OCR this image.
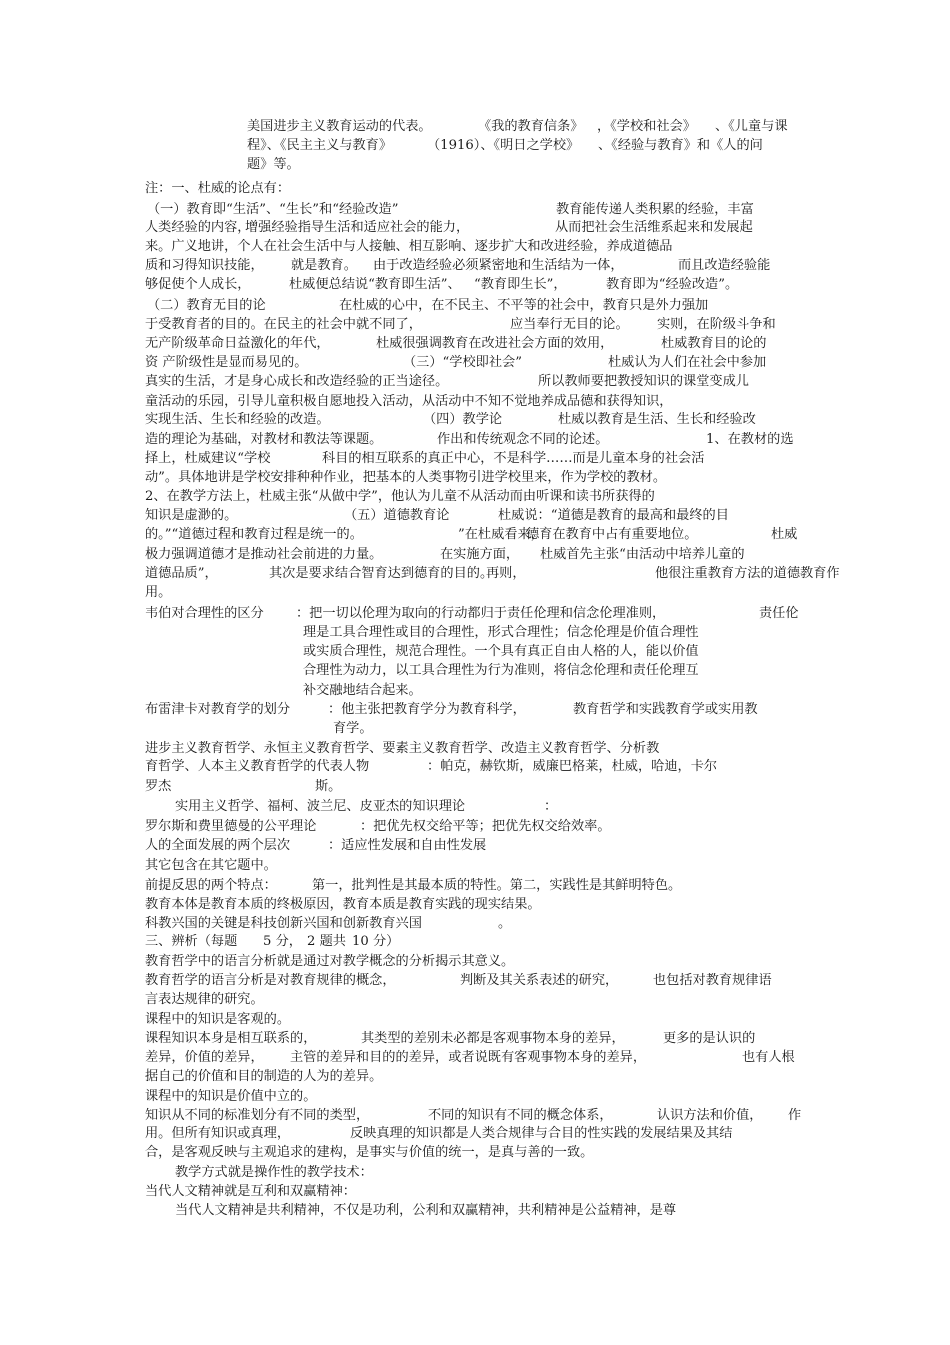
美国进步主义教育运动的代表。	《我的教育信条》 ，《学校和社会》 、《儿童与课
程》、《民主主义与教育》	（1916）、《明日之学校》 、《经验与教育》和《人的问
题》等。
注：一、杜威的论点有：
（一）教育即“生活”、“生长”和“经验改造”	教育能传递人类积累的经验，丰富
人类经验的内容，
增强经验指导生活和适应社会的能力，	从而把社会生活维系起来和发展起
来。广义地讲，个人在社会生活中与人接触、相互影响、逐步扩大和改进经验，养成道德品
质和习得知识技能， 就是教育。 由于改造经验必须紧密地和生活结为一体，	而且改造经验能
够促使个人成长，	杜威便总结说“教育即生活”、 “教育即生长”，	教育即为“经验改造”。
（二）教育无目的论	在杜威的心中，在不民主、不平等的社会中，教育只是外力强加
于受教育者的目的。在民主的社会中就不同了，	应当奉行无目的论。 实则，在阶级斗争和
无产阶级革命日益激化的年代，	杜威很强调教育在改进社会方面的效用，	杜威教育目的论的
资 产阶级性是显而易见的。	（三）“学校即社会”	杜威认为人们在社会中参加
真实的生活，才是身心成长和改造经验的正当途径。	所以教师要把教授知识的课堂变成儿
童活动的乐园，引导儿童积极自愿地投入活动，从活动中不知不觉地养成品德和获得知识，
实现生活、生长和经验的改造。	（四）教学论	杜威以教育是生活、生长和经验改
造的理论为基础，对教材和教法等课题。	作出和传统观念不同的论述。	1、在教材的选
择上，杜威建议“学校	科目的相互联系的真正中心，不是科学……而是儿童本身的社会活
动”。具体地讲是学校安排种种作业，把基本的人类事物引进学校里来，作为学校的教材。
2、在教学方法上，杜威主张“从做中学”，他认为儿童不从活动而由听课和读书所获得的
知识是虚渺的。	（五）道德教育论	杜威说：“道德是教育的最高和最终的目
的。”“道德过程和教育过程是统一的。	”在杜威看来，
德育在教育中占有重要地位。	杜威
极力强调道德才是推动社会前进的力量。	在实施方面， 杜威首先主张“由活动中培养儿童的
道德品质”，	其次是要求结合智育达到德育的目的。
再则，	他很注重教育方法的道德教育作
用。
韦伯对合理性的区分 ：把一切以伦理为取向的行动都归于责任伦理和信念伦理准则，	责任伦
理是工具合理性或目的合理性，形式合理性；信念伦理是价值合理性
或实质合理性，规范合理性。一个具有真正自由人格的人，能以价值
合理性为动力，以工具合理性为行为准则，将信念伦理和责任伦理互
补交融地结合起来。
布雷津卡对教育学的划分	：他主张把教育学分为教育科学，	教育哲学和实践教育学或实用教
育学。
进步主义教育哲学、永恒主义教育哲学、要素主义教育哲学、改造主义教育哲学、分析教
育哲学、人本主义教育哲学的代表人物	：帕克，赫钦斯，威廉巴格莱，杜威，哈迪，卡尔
罗杰	斯。
实用主义哲学、福柯、波兰尼、皮亚杰的知识理论	：
罗尔斯和费里德曼的公平理论	：把优先权交给平等；把优先权交给效率。
人的全面发展的两个层次	：适应性发展和自由性发展
其它包含在其它题中。
前提反思的两个特点：	第一，批判性是其最本质的特性。第二，实践性是其鲜明特色。
教育本体是教育本质的终极原因，教育本质是教育实践的现实结果。
科教兴国的关键是科技创新兴国和创新教育兴国	。
三、辨析（每题 5 分， 2 题共 10 分）
教育哲学中的语言分析就是通过对教学概念的分析揭示其意义。
教育哲学的语言分析是对教育规律的概念，	判断及其关系表述的研究，	也包括对教育规律语
言表达规律的研究。
课程中的知识是客观的。
课程知识本身是相互联系的，	其类型的差别未必都是客观事物本身的差异，	更多的是认识的
差异，价值的差异， 主管的差异和目的的差异，或者说既有客观事物本身的差异，	也有人根
据自己的价值和目的制造的人为的差异。
课程中的知识是价值中立的。
知识从不同的标准划分有不同的类型，	不同的知识有不同的概念体系，	认识方法和价值， 作
用。但所有知识或真理，	反映真理的知识都是人类合规律与合目的性实践的发展结果及其结
合，是客观反映与主观追求的建构，是事实与价值的统一，是真与善的一致。
教学方式就是操作性的教学技术：
当代人文精神就是互利和双赢精神：
当代人文精神是共利精神，不仅是功利，公利和双赢精神，共利精神是公益精神，是尊
